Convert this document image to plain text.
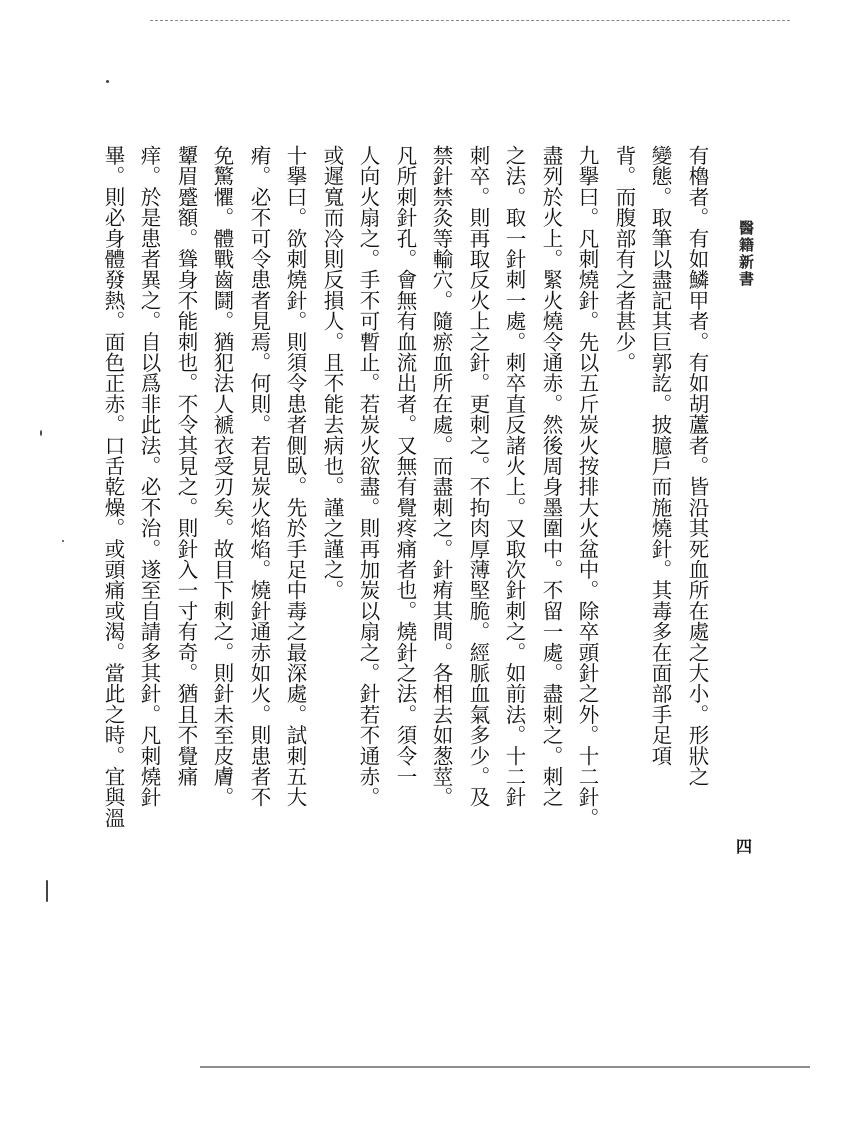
醫籍新書
四
有櫓者。有如鱗甲者。有如胡蘆者。皆沿其死血所在處之大小。形狀之
變態。取筆以盡記其巨郭訖。披臆戶而施燒針。其毒多在面部手足項
背。而腹部有之者甚少。
九擧曰。凡刺燒針。先以五斤炭火按排大火盆中。除卒頭針之外。十二針。
盡列於火上。緊火燒令通赤。然後周身墨圍中。不留一處。盡刺之。刺之
之法。取一針刺一處。刺卒直反諸火上。又取次針刺之。如前法。十二針
刺卒。則再取反火上之針。更刺之。不拘肉厚薄堅脆。經脈血氣多少。及
禁針禁灸等輸穴。隨瘀血所在處。而盡刺之。針痏其間。各相去如葱莖。
凡所刺針孔。會無有血流出者。又無有覺疼痛者也。燒針之法。須令一
人向火扇之。手不可暫止。若炭火欲盡。則再加炭以扇之。針若不通赤。
或遲寬而冷則反損人。且不能去病也。謹之謹之。
十擧曰。欲刺燒針。則須令患者側臥。先於手足中毒之最深處。試刺五大
痏。必不可令患者見焉。何則。若見炭火焰焰。燒針通赤如火。則患者不
免驚懼。體戰齒鬪。猶犯法人褫衣受刃矣。故目下刺之。則針未至皮膚。
顰眉蹙額。聳身不能刺也。不令其見之。則針入一寸有奇。猶且不覺痛
痒。於是患者異之。自以爲非此法。必不治。遂至自請多其針。凡刺燒針
畢。則必身體發熱。面色正赤。口舌乾燥。或頭痛或渴。當此之時。宜與溫
